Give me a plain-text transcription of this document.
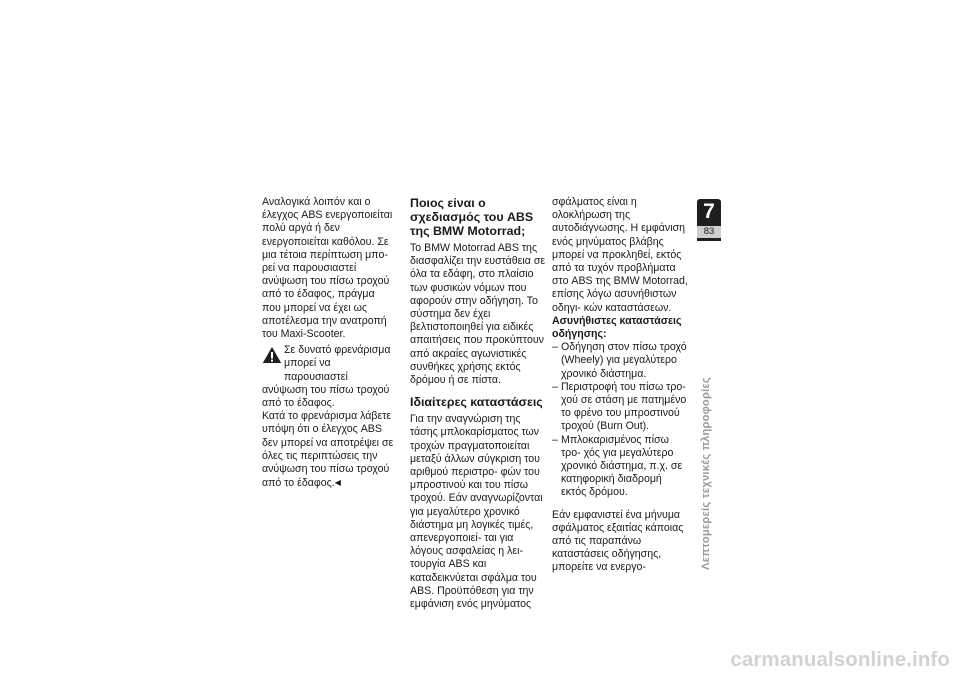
Αναλογικά λοιπόν και ο έλεγχος ABS ενεργοποιείται πολύ αργά ή δεν ενεργοποιείται καθόλου. Σε μια τέτοια περίπτωση μπο- ρεί να παρουσιαστεί ανύψωση του πίσω τροχού από το έδαφος, πράγμα που μπορεί να έχει ως αποτέλεσμα την ανατροπή του Maxi-Scooter.

Σε δυνατό φρενάρισμα μπορεί να παρουσιαστεί

ανύψωση του πίσω τροχού από το έδαφος.

Κατά το φρενάρισμα λάβετε υπόψη ότι ο έλεγχος ABS δεν μπορεί να αποτρέψει σε όλες τις περιπτώσεις την ανύψωση του πίσω τροχού από το έδαφος.◀

Ποιος είναι ο σχεδιασμός του ABS της BMW Motorrad;

Το BMW Motorrad ABS της διασφαλίζει την ευστάθεια σε όλα τα εδάφη, στο πλαίσιο των φυσικών νόμων που αφορούν στην οδήγηση. Το σύστημα δεν έχει βελτιστοποιηθεί για ειδικές απαιτήσεις που προκύπτουν από ακραίες αγωνιστικές συνθήκες χρήσης εκτός δρόμου ή σε πίστα.

Ιδιαίτερες καταστάσεις

Για την αναγνώριση της τάσης μπλοκαρίσματος των τροχών πραγματοποιείται μεταξύ άλλων σύγκριση του αριθμού περιστρο- φών του μπροστινού και του πίσω τροχού. Εάν αναγνωρίζονται για μεγαλύτερο χρονικό διάστημα μη λογικές τιμές, απενεργοποιεί- ται για λόγους ασφαλείας η λει- τουργία ABS και καταδεικνύεται σφάλμα του ABS. Προϋπόθεση για την εμφάνιση ενός μηνύματος

σφάλματος είναι η ολοκλήρωση της αυτοδιάγνωσης. Η εμφάνιση ενός μηνύματος βλάβης μπορεί να προκληθεί, εκτός από τα τυχόν προβλήματα στο ABS της BMW Motorrad, επίσης λόγω ασυνήθιστων οδηγι- κών καταστάσεων.

Ασυνήθιστες καταστάσεις οδήγησης:
– Οδήγηση στον πίσω τροχό (Wheely) για μεγαλύτερο χρονικό διάστημα.
– Περιστροφή του πίσω τρο- χού σε στάση με πατημένο το φρένο του μπροστινού τροχού (Burn Out).
– Μπλοκαρισμένος πίσω τρο- χός για μεγαλύτερο χρονικό διάστημα, π.χ. σε κατηφορική διαδρομή εκτός δρόμου.

Εάν εμφανιστεί ένα μήνυμα σφάλματος εξαιτίας κάποιας από τις παραπάνω καταστάσεις οδήγησης, μπορείτε να ενεργο-

7
83
Λεπτομερείς τεχνικές πληροφορίες
carmanualsonline.info
